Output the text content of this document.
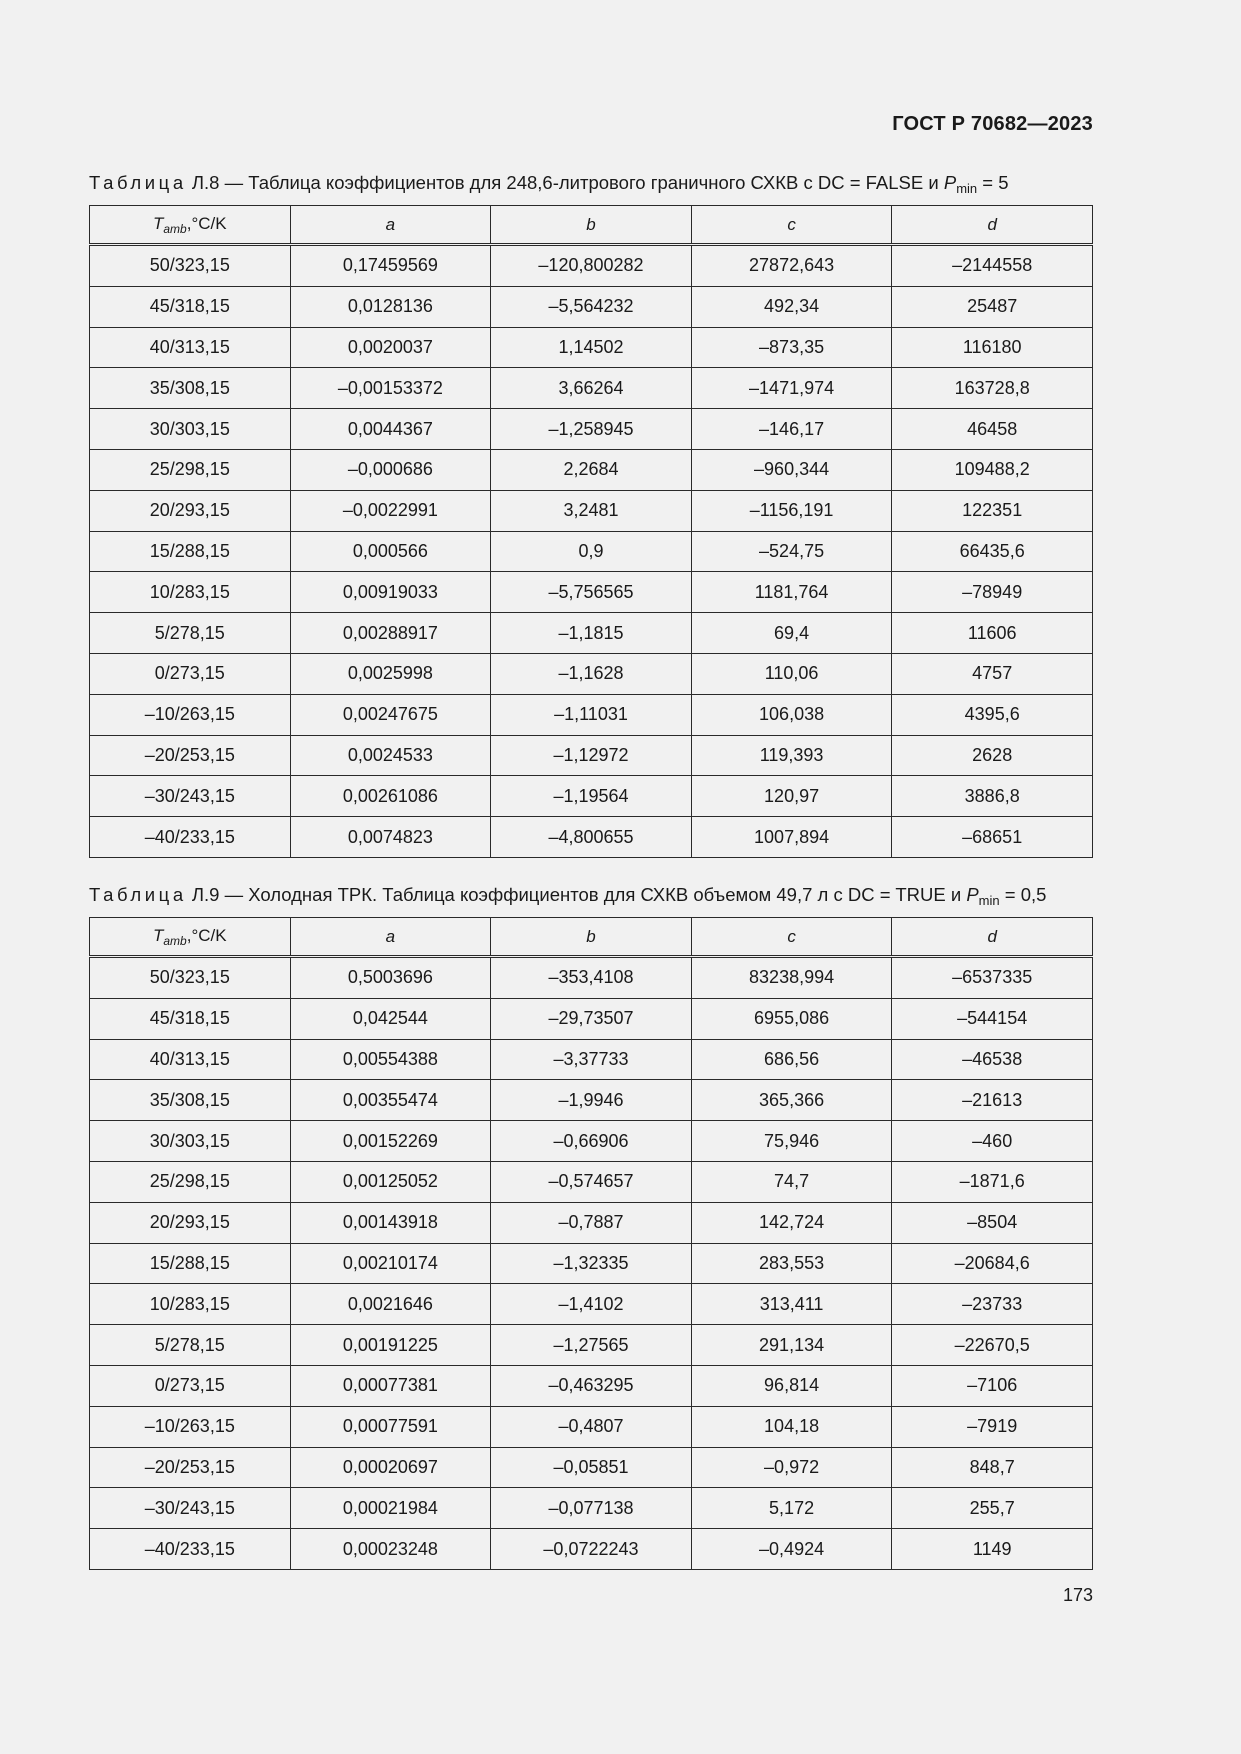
ГОСТ Р 70682—2023
Таблица Л.8 — Таблица коэффициентов для 248,6-литрового граничного СХКВ с DC = FALSE и $P_{min} = 5$
$T_{amb},^\circ C/K$	a	b	c	d
50/323,15	0,17459569	–120,800282	27872,643	–2144558
45/318,15	0,0128136	–5,564232	492,34	25487
40/313,15	0,0020037	1,14502	–873,35	116180
35/308,15	–0,00153372	3,66264	–1471,974	163728,8
30/303,15	0,0044367	–1,258945	–146,17	46458
25/298,15	–0,000686	2,2684	–960,344	109488,2
20/293,15	–0,0022991	3,2481	–1156,191	122351
15/288,15	0,000566	0,9	–524,75	66435,6
10/283,15	0,00919033	–5,756565	1181,764	–78949
5/278,15	0,00288917	–1,1815	69,4	11606
0/273,15	0,0025998	–1,1628	110,06	4757
–10/263,15	0,00247675	–1,11031	106,038	4395,6
–20/253,15	0,0024533	–1,12972	119,393	2628
–30/243,15	0,00261086	–1,19564	120,97	3886,8
–40/233,15	0,0074823	–4,800655	1007,894	–68651
Таблица Л.9 — Холодная ТРК. Таблица коэффициентов для СХКВ объемом 49,7 л с DC = TRUE и $P_{min} = 0,5$
$T_{amb},^\circ C/K$	a	b	c	d
50/323,15	0,5003696	–353,4108	83238,994	–6537335
45/318,15	0,042544	–29,73507	6955,086	–544154
40/313,15	0,00554388	–3,37733	686,56	–46538
35/308,15	0,00355474	–1,9946	365,366	–21613
30/303,15	0,00152269	–0,66906	75,946	–460
25/298,15	0,00125052	–0,574657	74,7	–1871,6
20/293,15	0,00143918	–0,7887	142,724	–8504
15/288,15	0,00210174	–1,32335	283,553	–20684,6
10/283,15	0,0021646	–1,4102	313,411	–23733
5/278,15	0,00191225	–1,27565	291,134	–22670,5
0/273,15	0,00077381	–0,463295	96,814	–7106
–10/263,15	0,00077591	–0,4807	104,18	–7919
–20/253,15	0,00020697	–0,05851	–0,972	848,7
–30/243,15	0,00021984	–0,077138	5,172	255,7
–40/233,15	0,00023248	–0,0722243	–0,4924	1149
173
